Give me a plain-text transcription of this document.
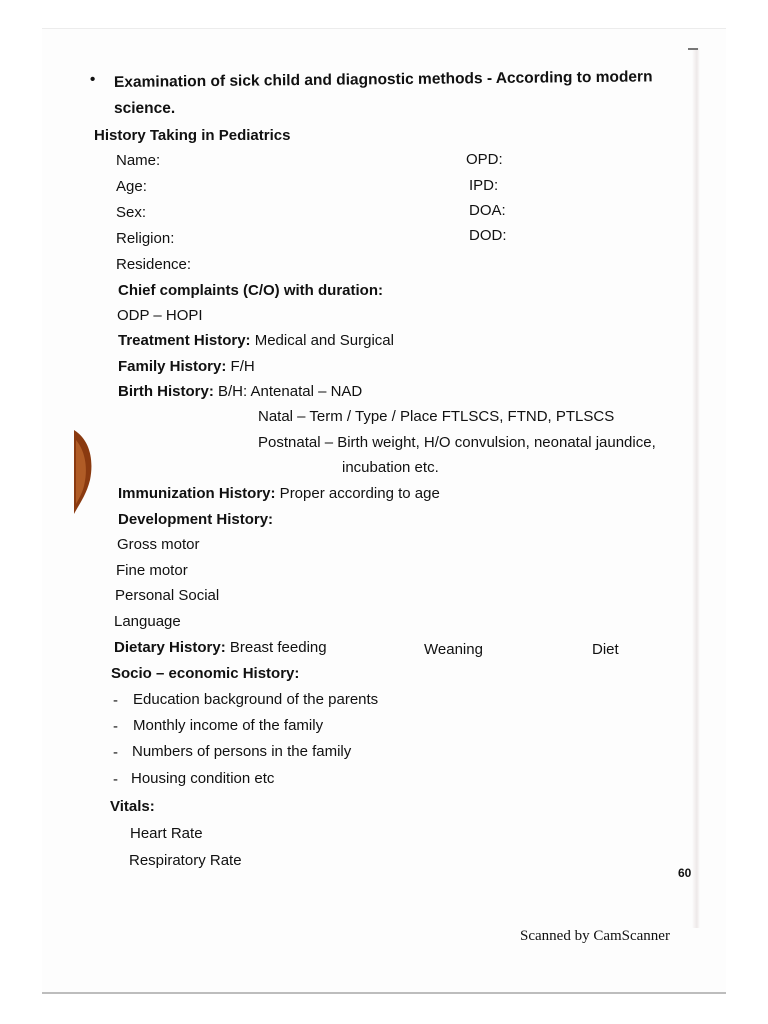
• Examination of sick child and diagnostic methods - According to modern
science.
History Taking in Pediatrics
Name:
Age:
Sex:
Religion:
Residence:
OPD:
IPD:
DOA:
DOD:
Chief complaints (C/O) with duration:
ODP – HOPI
Treatment History: Medical and Surgical
Family History: F/H
Birth History: B/H: Antenatal – NAD
Natal – Term / Type / Place FTLSCS, FTND, PTLSCS
Postnatal – Birth weight, H/O convulsion, neonatal jaundice,
incubation etc.
Immunization History: Proper according to age
Development History:
Gross motor
Fine motor
Personal Social
Language
Dietary History: Breast feeding	Weaning	Diet
Socio – economic History:
- Education background of the parents
- Monthly income of the family
- Numbers of persons in the family
- Housing condition etc
Vitals:
Heart Rate
Respiratory Rate
60
Scanned by CamScanner
